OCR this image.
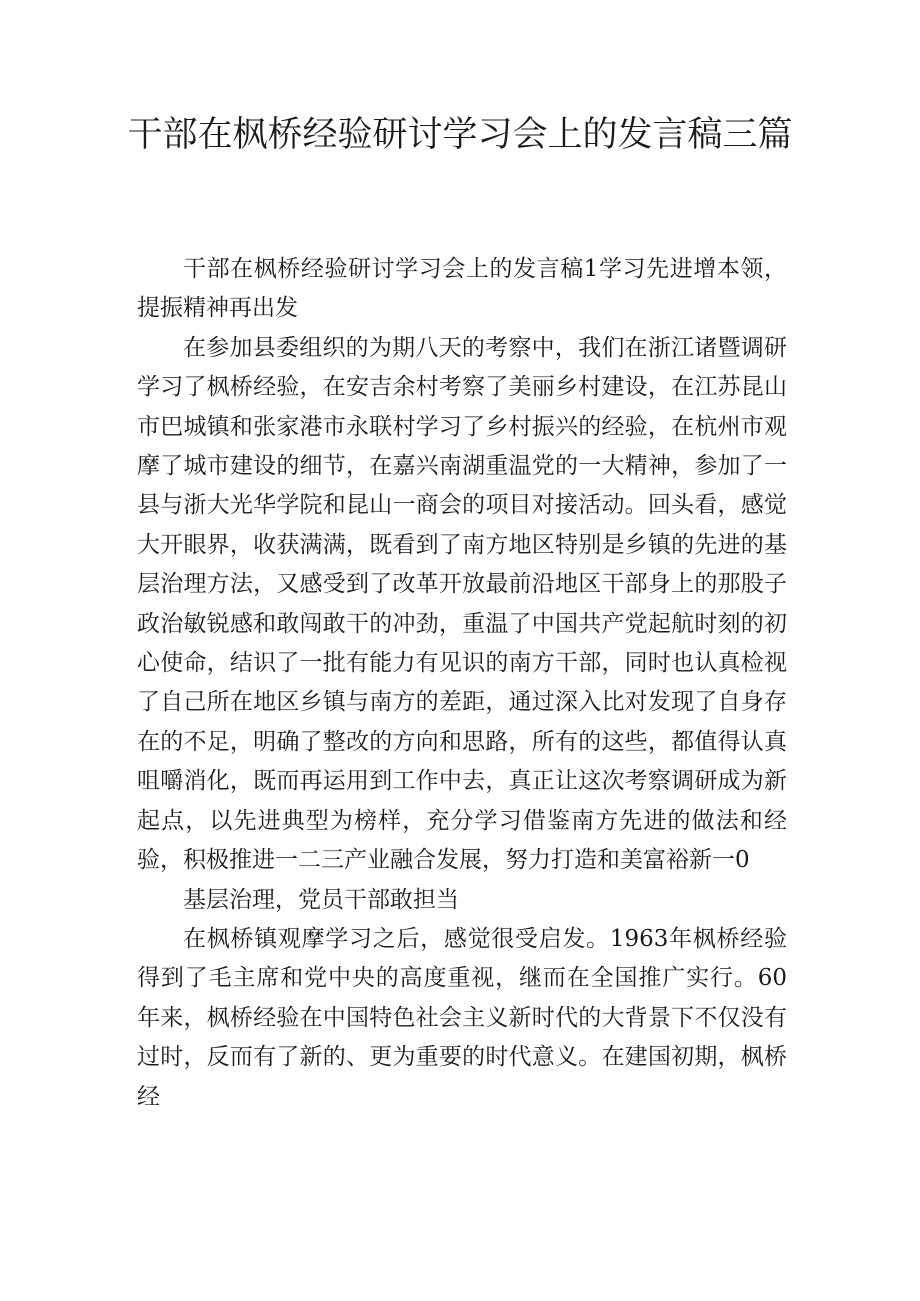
干部在枫桥经验研讨学习会上的发言稿三篇

干部在枫桥经验研讨学习会上的发言稿1学习先进增本领，提振精神再出发

在参加县委组织的为期八天的考察中，我们在浙江诸暨调研学习了枫桥经验，在安吉余村考察了美丽乡村建设，在江苏昆山市巴城镇和张家港市永联村学习了乡村振兴的经验，在杭州市观摩了城市建设的细节，在嘉兴南湖重温党的一大精神，参加了一县与浙大光华学院和昆山一商会的项目对接活动。回头看，感觉大开眼界，收获满满，既看到了南方地区特别是乡镇的先进的基层治理方法，又感受到了改革开放最前沿地区干部身上的那股子政治敏锐感和敢闯敢干的冲劲，重温了中国共产党起航时刻的初心使命，结识了一批有能力有见识的南方干部，同时也认真检视了自己所在地区乡镇与南方的差距，通过深入比对发现了自身存在的不足，明确了整改的方向和思路，所有的这些，都值得认真咀嚼消化，既而再运用到工作中去，真正让这次考察调研成为新起点，以先进典型为榜样，充分学习借鉴南方先进的做法和经验，积极推进一二三产业融合发展，努力打造和美富裕新一0

基层治理，党员干部敢担当

在枫桥镇观摩学习之后，感觉很受启发。1963年枫桥经验得到了毛主席和党中央的高度重视，继而在全国推广实行。60年来，枫桥经验在中国特色社会主义新时代的大背景下不仅没有过时，反而有了新的、更为重要的时代意义。在建国初期，枫桥经
